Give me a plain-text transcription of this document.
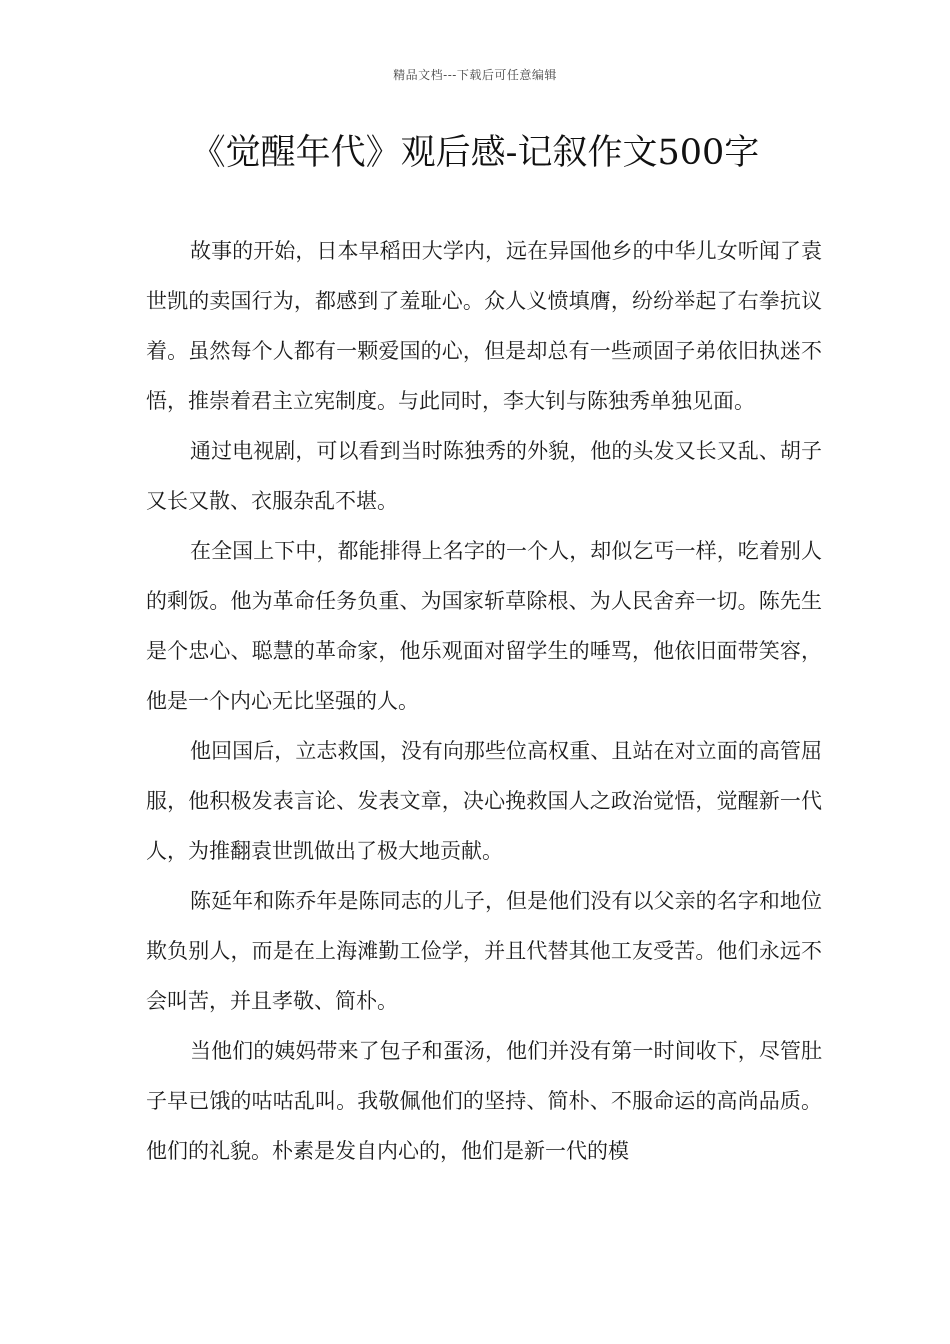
精品文档---下载后可任意编辑
《觉醒年代》观后感-记叙作文500字

故事的开始，日本早稻田大学内，远在异国他乡的中华儿女听闻了袁世凯的卖国行为，都感到了羞耻心。众人义愤填膺，纷纷举起了右拳抗议着。虽然每个人都有一颗爱国的心，但是却总有一些顽固子弟依旧执迷不悟，推崇着君主立宪制度。与此同时，李大钊与陈独秀单独见面。

通过电视剧，可以看到当时陈独秀的外貌，他的头发又长又乱、胡子又长又散、衣服杂乱不堪。

在全国上下中，都能排得上名字的一个人，却似乞丐一样，吃着别人的剩饭。他为革命任务负重、为国家斩草除根、为人民舍弃一切。陈先生是个忠心、聪慧的革命家，他乐观面对留学生的唾骂，他依旧面带笑容，他是一个内心无比坚强的人。

他回国后，立志救国，没有向那些位高权重、且站在对立面的高管屈服，他积极发表言论、发表文章，决心挽救国人之政治觉悟，觉醒新一代人，为推翻袁世凯做出了极大地贡献。

陈延年和陈乔年是陈同志的儿子，但是他们没有以父亲的名字和地位欺负别人，而是在上海滩勤工俭学，并且代替其他工友受苦。他们永远不会叫苦，并且孝敬、简朴。

当他们的姨妈带来了包子和蛋汤，他们并没有第一时间收下，尽管肚子早已饿的咕咕乱叫。我敬佩他们的坚持、简朴、不服命运的高尚品质。他们的礼貌。朴素是发自内心的，他们是新一代的模
